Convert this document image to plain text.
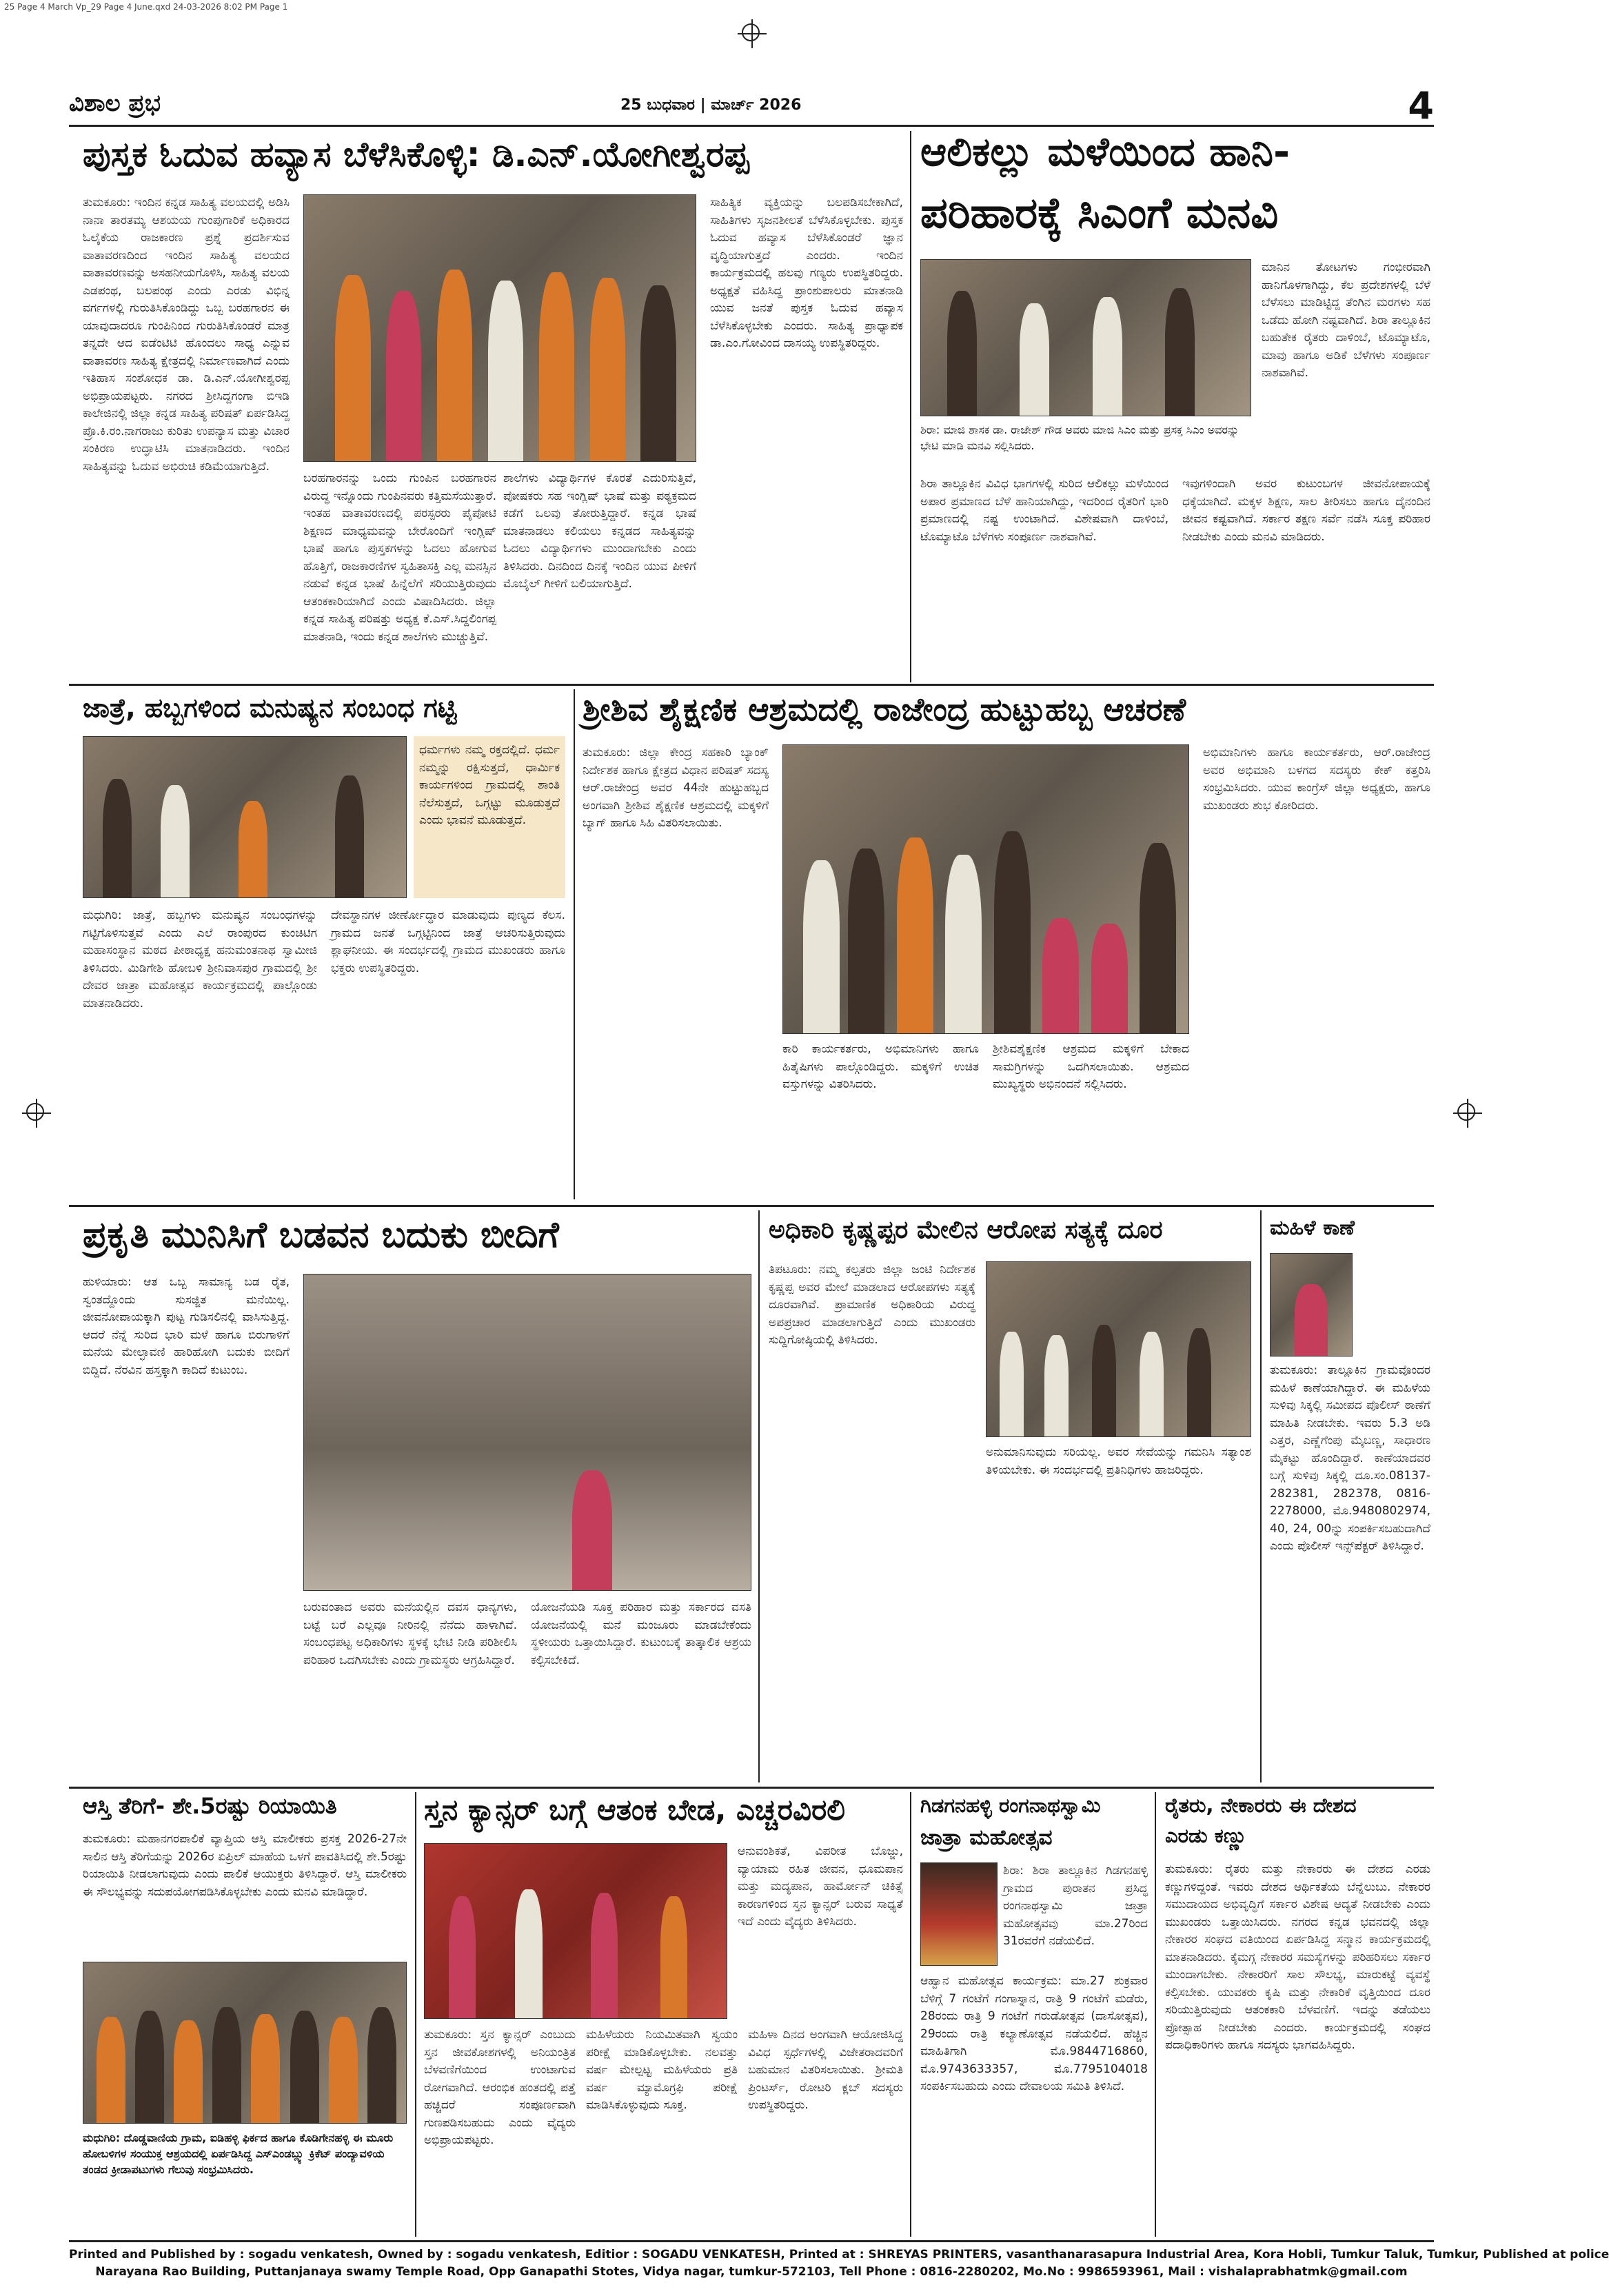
25 Page 4 March Vp_29 Page 4 June.qxd 24-03-2026 8:02 PM Page 1
ವಿಶಾಲ ಪ್ರಭ	25 ಬುಧವಾರ | ಮಾರ್ಚ್ 2026	4
ಪುಸ್ತಕ ಓದುವ ಹವ್ಯಾಸ ಬೆಳೆಸಿಕೊಳ್ಳಿ: ಡಿ.ಎನ್.ಯೋಗೀಶ್ವರಪ್ಪ
ತುಮಕೂರು: ಇಂದಿನ ಕನ್ನಡ ಸಾಹಿತ್ಯ ವಲಯದಲ್ಲಿ ಅಡಿಸಿ ನಾನಾ ತಾರತಮ್ಯ ಆಶಯಯ ಗುಂಪುಗಾರಿಕೆ ಅಧಿಕಾರದ ಓಲೈಕೆಯ ರಾಜಕಾರಣ ಪ್ರಶ್ನೆ ಪ್ರದರ್ಶಿಸುವ ವಾತಾವರಣದಿಂದ ಇಂದಿನ ಸಾಹಿತ್ಯ ವಲಯದ ವಾತಾವರಣವನ್ನು ಅಸಹನೀಯಗೊಳಿಸಿ, ಸಾಹಿತ್ಯ ವಲಯ ಎಡಪಂಥ, ಬಲಪಂಥ ಎಂದು ಎರಡು ವಿಭಿನ್ನ ವರ್ಗಗಳಲ್ಲಿ ಗುರುತಿಸಿಕೊಂಡಿದ್ದು ಒಬ್ಬ ಬರಹಗಾರನ ಈ ಯಾವುದಾದರೂ ಗುಂಪಿನಿಂದ ಗುರುತಿಸಿಕೊಂಡರೆ ಮಾತ್ರ ತನ್ನದೇ ಆದ ಐಡೆಂಟಿಟಿ ಹೊಂದಲು ಸಾಧ್ಯ ಎನ್ನುವ ವಾತಾವರಣ ಸಾಹಿತ್ಯ ಕ್ಷೇತ್ರದಲ್ಲಿ ನಿರ್ಮಾಣವಾಗಿದೆ ಎಂದು ಇತಿಹಾಸ ಸಂಶೋಧಕ ಡಾ. ಡಿ.ಎನ್.ಯೋಗೀಶ್ವರಪ್ಪ ಅಭಿಪ್ರಾಯಪಟ್ಟರು. ನಗರದ ಶ್ರೀಸಿದ್ದಗಂಗಾ ಬಿಇಡಿ ಕಾಲೇಜಿನಲ್ಲಿ ಜಿಲ್ಲಾ ಕನ್ನಡ ಸಾಹಿತ್ಯ ಪರಿಷತ್ ಏರ್ಪಡಿಸಿದ್ದ ಪ್ರೊ.ಕಿ.ರಂ.ನಾಗರಾಜು ಕುರಿತು ಉಪನ್ಯಾಸ ಮತ್ತು ವಿಚಾರ ಸಂಕಿರಣ ಉದ್ಘಾಟಿಸಿ ಮಾತನಾಡಿದರು. ಇಂದಿನ ಸಾಹಿತ್ಯವನ್ನು ಓದುವ ಅಭಿರುಚಿ ಕಡಿಮೆಯಾಗುತ್ತಿದೆ.
ಬರಹಗಾರನನ್ನು ಒಂದು ಗುಂಪಿನ ಬರಹಗಾರನ ವಿರುದ್ಧ ಇನ್ನೊಂದು ಗುಂಪಿನವರು ಕತ್ತಿಮಸೆಯುತ್ತಾರೆ. ಇಂತಹ ವಾತಾವರಣದಲ್ಲಿ ಪರಸ್ಪರರು ಪೈಪೋಟಿ ಶಿಕ್ಷಣದ ಮಾಧ್ಯಮವನ್ನು ಬೇರೊಂದಿಗೆ ಇಂಗ್ಲಿಷ್ ಭಾಷೆ ಹಾಗೂ ಪುಸ್ತಕಗಳನ್ನು ಓದಲು ಹೋಗುವ ಹೊತ್ತಿಗೆ, ರಾಜಕಾರಣಿಗಳ ಸ್ವಹಿತಾಸಕ್ತಿ ಎಲ್ಲ ಮನಸ್ಸಿನ ನಡುವೆ ಕನ್ನಡ ಭಾಷೆ ಹಿನ್ನೆಲೆಗೆ ಸರಿಯುತ್ತಿರುವುದು ಆತಂಕಕಾರಿಯಾಗಿದೆ ಎಂದು ವಿಷಾದಿಸಿದರು. ಜಿಲ್ಲಾ ಕನ್ನಡ ಸಾಹಿತ್ಯ ಪರಿಷತ್ತು ಅಧ್ಯಕ್ಷ ಕೆ.ಎಸ್.ಸಿದ್ದಲಿಂಗಪ್ಪ ಮಾತನಾಡಿ, ಇಂದು ಕನ್ನಡ ಶಾಲೆಗಳು ಮುಚ್ಚುತ್ತಿವೆ.
ಶಾಲೆಗಳು ವಿದ್ಯಾರ್ಥಿಗಳ ಕೊರತೆ ಎದುರಿಸುತ್ತಿವೆ, ಪೋಷಕರು ಸಹ ಇಂಗ್ಲಿಷ್ ಭಾಷೆ ಮತ್ತು ಪಠ್ಯಕ್ರಮದ ಕಡೆಗೆ ಒಲವು ತೋರುತ್ತಿದ್ದಾರೆ. ಕನ್ನಡ ಭಾಷೆ ಮಾತನಾಡಲು ಕಲಿಯಲು ಕನ್ನಡದ ಸಾಹಿತ್ಯವನ್ನು ಓದಲು ವಿದ್ಯಾರ್ಥಿಗಳು ಮುಂದಾಗಬೇಕು ಎಂದು ತಿಳಿಸಿದರು. ದಿನದಿಂದ ದಿನಕ್ಕೆ ಇಂದಿನ ಯುವ ಪೀಳಿಗೆ ಮೊಬೈಲ್ ಗೀಳಿಗೆ ಬಲಿಯಾಗುತ್ತಿದೆ.
ಸಾಹಿತ್ಯಿಕ ವ್ಯಕ್ತಿಯನ್ನು ಬಲಪಡಿಸಬೇಕಾಗಿದೆ, ಸಾಹಿತಿಗಳು ಸೃಜನಶೀಲತೆ ಬೆಳೆಸಿಕೊಳ್ಳಬೇಕು. ಪುಸ್ತಕ ಓದುವ ಹವ್ಯಾಸ ಬೆಳೆಸಿಕೊಂಡರೆ ಜ್ಞಾನ ವೃದ್ಧಿಯಾಗುತ್ತದೆ ಎಂದರು. ಇಂದಿನ ಕಾರ್ಯಕ್ರಮದಲ್ಲಿ ಹಲವು ಗಣ್ಯರು ಉಪಸ್ಥಿತರಿದ್ದರು. ಅಧ್ಯಕ್ಷತೆ ವಹಿಸಿದ್ದ ಪ್ರಾಂಶುಪಾಲರು ಮಾತನಾಡಿ ಯುವ ಜನತೆ ಪುಸ್ತಕ ಓದುವ ಹವ್ಯಾಸ ಬೆಳೆಸಿಕೊಳ್ಳಬೇಕು ಎಂದರು. ಸಾಹಿತ್ಯ ಪ್ರಾಧ್ಯಾಪಕ ಡಾ.ಎಂ.ಗೋವಿಂದ ದಾಸಯ್ಯ ಉಪಸ್ಥಿತರಿದ್ದರು.
ಆಲಿಕಲ್ಲು ಮಳೆಯಿಂದ ಹಾನಿ-
ಪರಿಹಾರಕ್ಕೆ ಸಿಎಂಗೆ ಮನವಿ
ಮಾನಿನ ತೋಟಗಳು ಗಂಭೀರವಾಗಿ ಹಾನಿಗೊಳಗಾಗಿದ್ದು, ಕೆಲ ಪ್ರದೇಶಗಳಲ್ಲಿ ಬೆಳೆ ಬೆಳೆಸಲು ಮಾಡಿಟ್ಟಿದ್ದ ತೆಂಗಿನ ಮರಗಳು ಸಹ ಒಡೆದು ಹೋಗಿ ನಷ್ಟವಾಗಿದೆ. ಶಿರಾ ತಾಲ್ಲೂಕಿನ ಬಹುತೇಕ ರೈತರು ದಾಳಿಂಬೆ, ಟೊಮ್ಯಾಟೊ, ಮಾವು ಹಾಗೂ ಅಡಿಕೆ ಬೆಳೆಗಳು ಸಂಪೂರ್ಣ ನಾಶವಾಗಿವೆ.
ಶಿರಾ: ಮಾಜಿ ಶಾಸಕ ಡಾ. ರಾಜೇಶ್ ಗೌಡ ಅವರು ಮಾಜಿ ಸಿಎಂ ಮತ್ತು ಪ್ರಸಕ್ತ ಸಿಎಂ ಅವರನ್ನು ಭೇಟಿ ಮಾಡಿ ಮನವಿ ಸಲ್ಲಿಸಿದರು.
ಶಿರಾ ತಾಲ್ಲೂಕಿನ ವಿವಿಧ ಭಾಗಗಳಲ್ಲಿ ಸುರಿದ ಆಲಿಕಲ್ಲು ಮಳೆಯಿಂದ ಅಪಾರ ಪ್ರಮಾಣದ ಬೆಳೆ ಹಾನಿಯಾಗಿದ್ದು, ಇದರಿಂದ ರೈತರಿಗೆ ಭಾರಿ ಪ್ರಮಾಣದಲ್ಲಿ ನಷ್ಟ ಉಂಟಾಗಿದೆ. ವಿಶೇಷವಾಗಿ ದಾಳಿಂಬೆ, ಟೊಮ್ಯಾಟೊ ಬೆಳೆಗಳು ಸಂಪೂರ್ಣ ನಾಶವಾಗಿವೆ.
ಇವುಗಳಿಂದಾಗಿ ಅವರ ಕುಟುಂಬಗಳ ಜೀವನೋಪಾಯಕ್ಕೆ ಧಕ್ಕೆಯಾಗಿದೆ. ಮಕ್ಕಳ ಶಿಕ್ಷಣ, ಸಾಲ ತೀರಿಸಲು ಹಾಗೂ ದೈನಂದಿನ ಜೀವನ ಕಷ್ಟವಾಗಿದೆ. ಸರ್ಕಾರ ತಕ್ಷಣ ಸರ್ವೆ ನಡೆಸಿ ಸೂಕ್ತ ಪರಿಹಾರ ನೀಡಬೇಕು ಎಂದು ಮನವಿ ಮಾಡಿದರು.
ಜಾತ್ರೆ, ಹಬ್ಬಗಳಿಂದ ಮನುಷ್ಯನ ಸಂಬಂಧ ಗಟ್ಟಿ
ಧರ್ಮಗಳು ನಮ್ಮ ರಕ್ತದಲ್ಲಿದೆ. ಧರ್ಮ ನಮ್ಮನ್ನು ರಕ್ಷಿಸುತ್ತದೆ, ಧಾರ್ಮಿಕ ಕಾರ್ಯಗಳಿಂದ ಗ್ರಾಮದಲ್ಲಿ ಶಾಂತಿ ನೆಲೆಸುತ್ತದೆ, ಒಗ್ಗಟ್ಟು ಮೂಡುತ್ತದೆ ಎಂದು ಭಾವನೆ ಮೂಡುತ್ತದೆ.
ಮಧುಗಿರಿ: ಜಾತ್ರೆ, ಹಬ್ಬಗಳು ಮನುಷ್ಯನ ಸಂಬಂಧಗಳನ್ನು ಗಟ್ಟಿಗೊಳಿಸುತ್ತವೆ ಎಂದು ಎಲೆ ರಾಂಪುರದ ಕುಂಚಿಟಿಗ ಮಹಾಸಂಸ್ಥಾನ ಮಠದ ಪೀಠಾಧ್ಯಕ್ಷ ಹನುಮಂತನಾಥ ಸ್ವಾಮೀಜಿ ತಿಳಿಸಿದರು. ಮಿಡಿಗೇಶಿ ಹೋಬಳಿ ಶ್ರೀನಿವಾಸಪುರ ಗ್ರಾಮದಲ್ಲಿ ಶ್ರೀ ದೇವರ ಜಾತ್ರಾ ಮಹೋತ್ಸವ ಕಾರ್ಯಕ್ರಮದಲ್ಲಿ ಪಾಲ್ಗೊಂಡು ಮಾತನಾಡಿದರು.
ದೇವಸ್ಥಾನಗಳ ಜೀರ್ಣೋದ್ಧಾರ ಮಾಡುವುದು ಪುಣ್ಯದ ಕೆಲಸ. ಗ್ರಾಮದ ಜನತೆ ಒಗ್ಗಟ್ಟಿನಿಂದ ಜಾತ್ರೆ ಆಚರಿಸುತ್ತಿರುವುದು ಶ್ಲಾಘನೀಯ. ಈ ಸಂದರ್ಭದಲ್ಲಿ ಗ್ರಾಮದ ಮುಖಂಡರು ಹಾಗೂ ಭಕ್ತರು ಉಪಸ್ಥಿತರಿದ್ದರು.
ಶ್ರೀಶಿವ ಶೈಕ್ಷಣಿಕ ಆಶ್ರಮದಲ್ಲಿ ರಾಜೇಂದ್ರ ಹುಟ್ಟುಹಬ್ಬ ಆಚರಣೆ
ತುಮಕೂರು: ಜಿಲ್ಲಾ ಕೇಂದ್ರ ಸಹಕಾರಿ ಬ್ಯಾಂಕ್ ನಿರ್ದೇಶಕ ಹಾಗೂ ಕ್ಷೇತ್ರದ ವಿಧಾನ ಪರಿಷತ್ ಸದಸ್ಯ ಆರ್.ರಾಜೇಂದ್ರ ಅವರ 44ನೇ ಹುಟ್ಟುಹಬ್ಬದ ಅಂಗವಾಗಿ ಶ್ರೀಶಿವ ಶೈಕ್ಷಣಿಕ ಆಶ್ರಮದಲ್ಲಿ ಮಕ್ಕಳಿಗೆ ಬ್ಯಾಗ್ ಹಾಗೂ ಸಿಹಿ ವಿತರಿಸಲಾಯಿತು.
ಕಾರಿ ಕಾರ್ಯಕರ್ತರು, ಅಭಿಮಾನಿಗಳು ಹಾಗೂ ಹಿತೈಷಿಗಳು ಪಾಲ್ಗೊಂಡಿದ್ದರು. ಮಕ್ಕಳಿಗೆ ಉಚಿತ ವಸ್ತುಗಳನ್ನು ವಿತರಿಸಿದರು.
ಶ್ರೀಶಿವಶೈಕ್ಷಣಿಕ ಆಶ್ರಮದ ಮಕ್ಕಳಿಗೆ ಬೇಕಾದ ಸಾಮಗ್ರಿಗಳನ್ನು ಒದಗಿಸಲಾಯಿತು. ಆಶ್ರಮದ ಮುಖ್ಯಸ್ಥರು ಅಭಿನಂದನೆ ಸಲ್ಲಿಸಿದರು.
ಅಭಿಮಾನಿಗಳು ಹಾಗೂ ಕಾರ್ಯಕರ್ತರು, ಆರ್.ರಾಜೇಂದ್ರ ಅವರ ಅಭಿಮಾನಿ ಬಳಗದ ಸದಸ್ಯರು ಕೇಕ್ ಕತ್ತರಿಸಿ ಸಂಭ್ರಮಿಸಿದರು. ಯುವ ಕಾಂಗ್ರೆಸ್ ಜಿಲ್ಲಾ ಅಧ್ಯಕ್ಷರು, ಹಾಗೂ ಮುಖಂಡರು ಶುಭ ಕೋರಿದರು.
ಪ್ರಕೃತಿ ಮುನಿಸಿಗೆ ಬಡವನ ಬದುಕು ಬೀದಿಗೆ
ಹುಳಿಯಾರು: ಆತ ಒಬ್ಬ ಸಾಮಾನ್ಯ ಬಡ ರೈತ, ಸ್ವಂತದ್ದೊಂದು ಸುಸಜ್ಜಿತ ಮನೆಯಿಲ್ಲ. ಜೀವನೋಪಾಯಕ್ಕಾಗಿ ಪುಟ್ಟ ಗುಡಿಸಲಿನಲ್ಲಿ ವಾಸಿಸುತ್ತಿದ್ದ. ಆದರೆ ನೆನ್ನೆ ಸುರಿದ ಭಾರಿ ಮಳೆ ಹಾಗೂ ಬಿರುಗಾಳಿಗೆ ಮನೆಯ ಮೇಲ್ಛಾವಣಿ ಹಾರಿಹೋಗಿ ಬದುಕು ಬೀದಿಗೆ ಬಿದ್ದಿದೆ. ನೆರವಿನ ಹಸ್ತಕ್ಕಾಗಿ ಕಾದಿದೆ ಕುಟುಂಬ.
ಬರುವಂತಾದ ಅವರು ಮನೆಯಲ್ಲಿನ ದವಸ ಧಾನ್ಯಗಳು, ಬಟ್ಟೆ ಬರೆ ಎಲ್ಲವೂ ನೀರಿನಲ್ಲಿ ನೆನೆದು ಹಾಳಾಗಿವೆ. ಸಂಬಂಧಪಟ್ಟ ಅಧಿಕಾರಿಗಳು ಸ್ಥಳಕ್ಕೆ ಭೇಟಿ ನೀಡಿ ಪರಿಶೀಲಿಸಿ ಪರಿಹಾರ ಒದಗಿಸಬೇಕು ಎಂದು ಗ್ರಾಮಸ್ಥರು ಆಗ್ರಹಿಸಿದ್ದಾರೆ.
ಯೋಜನೆಯಡಿ ಸೂಕ್ತ ಪರಿಹಾರ ಮತ್ತು ಸರ್ಕಾರದ ವಸತಿ ಯೋಜನೆಯಲ್ಲಿ ಮನೆ ಮಂಜೂರು ಮಾಡಬೇಕೆಂದು ಸ್ಥಳೀಯರು ಒತ್ತಾಯಿಸಿದ್ದಾರೆ. ಕುಟುಂಬಕ್ಕೆ ತಾತ್ಕಾಲಿಕ ಆಶ್ರಯ ಕಲ್ಪಿಸಬೇಕಿದೆ.
ಅಧಿಕಾರಿ ಕೃಷ್ಣಪ್ಪರ ಮೇಲಿನ ಆರೋಪ ಸತ್ಯಕ್ಕೆ ದೂರ
ತಿಪಟೂರು: ನಮ್ಮ ಕಲ್ಪತರು ಜಿಲ್ಲಾ ಜಂಟಿ ನಿರ್ದೇಶಕ ಕೃಷ್ಣಪ್ಪ ಅವರ ಮೇಲೆ ಮಾಡಲಾದ ಆರೋಪಗಳು ಸತ್ಯಕ್ಕೆ ದೂರವಾಗಿವೆ. ಪ್ರಾಮಾಣಿಕ ಅಧಿಕಾರಿಯ ವಿರುದ್ಧ ಅಪಪ್ರಚಾರ ಮಾಡಲಾಗುತ್ತಿದೆ ಎಂದು ಮುಖಂಡರು ಸುದ್ದಿಗೋಷ್ಠಿಯಲ್ಲಿ ತಿಳಿಸಿದರು.
ಅನುಮಾನಿಸುವುದು ಸರಿಯಲ್ಲ. ಅವರ ಸೇವೆಯನ್ನು ಗಮನಿಸಿ ಸತ್ಯಾಂಶ ತಿಳಿಯಬೇಕು. ಈ ಸಂದರ್ಭದಲ್ಲಿ ಪ್ರತಿನಿಧಿಗಳು ಹಾಜರಿದ್ದರು.
ಮಹಿಳೆ ಕಾಣೆ
ತುಮಕೂರು: ತಾಲ್ಲೂಕಿನ ಗ್ರಾಮವೊಂದರ ಮಹಿಳೆ ಕಾಣೆಯಾಗಿದ್ದಾರೆ. ಈ ಮಹಿಳೆಯ ಸುಳಿವು ಸಿಕ್ಕಲ್ಲಿ ಸಮೀಪದ ಪೊಲೀಸ್ ಠಾಣೆಗೆ ಮಾಹಿತಿ ನೀಡಬೇಕು. ಇವರು 5.3 ಅಡಿ ಎತ್ತರ, ಎಣ್ಣೆಗೆಂಪು ಮೈಬಣ್ಣ, ಸಾಧಾರಣ ಮೈಕಟ್ಟು ಹೊಂದಿದ್ದಾರೆ. ಕಾಣೆಯಾದವರ ಬಗ್ಗೆ ಸುಳಿವು ಸಿಕ್ಕಲ್ಲಿ ದೂ.ಸಂ.08137-282381, 282378, 0816-2278000, ಮೊ.9480802974, 40, 24, 00ನ್ನು ಸಂಪರ್ಕಿಸಬಹುದಾಗಿದೆ ಎಂದು ಪೊಲೀಸ್ ಇನ್ಸ್‌ಪೆಕ್ಟರ್ ತಿಳಿಸಿದ್ದಾರೆ.
ಆಸ್ತಿ ತೆರಿಗೆ- ಶೇ.5ರಷ್ಟು ರಿಯಾಯಿತಿ
ತುಮಕೂರು: ಮಹಾನಗರಪಾಲಿಕೆ ವ್ಯಾಪ್ತಿಯ ಆಸ್ತಿ ಮಾಲೀಕರು ಪ್ರಸಕ್ತ 2026-27ನೇ ಸಾಲಿನ ಆಸ್ತಿ ತೆರಿಗೆಯನ್ನು 2026ರ ಏಪ್ರಿಲ್ ಮಾಹೆಯ ಒಳಗೆ ಪಾವತಿಸಿದಲ್ಲಿ ಶೇ.5ರಷ್ಟು ರಿಯಾಯಿತಿ ನೀಡಲಾಗುವುದು ಎಂದು ಪಾಲಿಕೆ ಆಯುಕ್ತರು ತಿಳಿಸಿದ್ದಾರೆ. ಆಸ್ತಿ ಮಾಲೀಕರು ಈ ಸೌಲಭ್ಯವನ್ನು ಸದುಪಯೋಗಪಡಿಸಿಕೊಳ್ಳಬೇಕು ಎಂದು ಮನವಿ ಮಾಡಿದ್ದಾರೆ.
ಮಧುಗಿರಿ: ದೊಡ್ಡವಾಣಿಯ ಗ್ರಾಮ, ಐಡಿಹಳ್ಳಿ ಫಿರ್ಕದ ಹಾಗೂ ಕೊಡಿಗೇನಹಳ್ಳಿ ಈ ಮೂರು ಹೋಬಳಿಗಳ ಸಂಯುಕ್ತ ಆಶ್ರಯದಲ್ಲಿ ಏರ್ಪಡಿಸಿದ್ದ ಎಸ್ಎಂಡಬ್ಲ್ಯು ಕ್ರಿಕೆಟ್ ಪಂದ್ಯಾವಳಿಯ ತಂಡದ ಕ್ರೀಡಾಪಟುಗಳು ಗೆಲುವು ಸಂಭ್ರಮಿಸಿದರು.
ಸ್ತನ ಕ್ಯಾನ್ಸರ್ ಬಗ್ಗೆ ಆತಂಕ ಬೇಡ, ಎಚ್ಚರವಿರಲಿ
ಆನುವಂಶಿಕತೆ, ವಿಪರೀತ ಬೊಜ್ಜು, ವ್ಯಾಯಾಮ ರಹಿತ ಜೀವನ, ಧೂಮಪಾನ ಮತ್ತು ಮದ್ಯಪಾನ, ಹಾರ್ಮೋನ್ ಚಿಕಿತ್ಸೆ ಕಾರಣಗಳಿಂದ ಸ್ತನ ಕ್ಯಾನ್ಸರ್ ಬರುವ ಸಾಧ್ಯತೆ ಇದೆ ಎಂದು ವೈದ್ಯರು ತಿಳಿಸಿದರು.
ತುಮಕೂರು: ಸ್ತನ ಕ್ಯಾನ್ಸರ್ ಎಂಬುದು ಸ್ತನ ಜೀವಕೋಶಗಳಲ್ಲಿ ಅನಿಯಂತ್ರಿತ ಬೆಳವಣಿಗೆಯಿಂದ ಉಂಟಾಗುವ ರೋಗವಾಗಿದೆ. ಆರಂಭಿಕ ಹಂತದಲ್ಲಿ ಪತ್ತೆ ಹಚ್ಚಿದರೆ ಸಂಪೂರ್ಣವಾಗಿ ಗುಣಪಡಿಸಬಹುದು ಎಂದು ವೈದ್ಯರು ಅಭಿಪ್ರಾಯಪಟ್ಟರು.
ಮಹಿಳೆಯರು ನಿಯಮಿತವಾಗಿ ಸ್ವಯಂ ಪರೀಕ್ಷೆ ಮಾಡಿಕೊಳ್ಳಬೇಕು. ನಲವತ್ತು ವರ್ಷ ಮೇಲ್ಪಟ್ಟ ಮಹಿಳೆಯರು ಪ್ರತಿ ವರ್ಷ ಮ್ಯಾಮೊಗ್ರಫಿ ಪರೀಕ್ಷೆ ಮಾಡಿಸಿಕೊಳ್ಳುವುದು ಸೂಕ್ತ.
ಮಹಿಳಾ ದಿನದ ಅಂಗವಾಗಿ ಆಯೋಜಿಸಿದ್ದ ವಿವಿಧ ಸ್ಪರ್ಧೆಗಳಲ್ಲಿ ವಿಜೇತರಾದವರಿಗೆ ಬಹುಮಾನ ವಿತರಿಸಲಾಯಿತು. ಶ್ರೀಮತಿ ಪ್ರಿಂಟರ್ಸ್, ರೋಟರಿ ಕ್ಲಬ್ ಸದಸ್ಯರು ಉಪಸ್ಥಿತರಿದ್ದರು.
ಗಿಡಗನಹಳ್ಳಿ ರಂಗನಾಥಸ್ವಾಮಿ
ಜಾತ್ರಾ ಮಹೋತ್ಸವ
ಶಿರಾ: ಶಿರಾ ತಾಲ್ಲೂಕಿನ ಗಿಡಗನಹಳ್ಳಿ ಗ್ರಾಮದ ಪುರಾತನ ಪ್ರಸಿದ್ಧ ರಂಗನಾಥಸ್ವಾಮಿ ಜಾತ್ರಾ ಮಹೋತ್ಸವವು ಮಾ.27ರಿಂದ 31ರವರೆಗೆ ನಡೆಯಲಿದೆ.
ಆಹ್ವಾನ ಮಹೋತ್ಸವ ಕಾರ್ಯಕ್ರಮ: ಮಾ.27 ಶುಕ್ರವಾರ ಬೆಳಿಗ್ಗೆ 7 ಗಂಟೆಗೆ ಗಂಗಾಸ್ನಾನ, ರಾತ್ರಿ 9 ಗಂಟೆಗೆ ಮಡೆರು, 28ರಂದು ರಾತ್ರಿ 9 ಗಂಟೆಗೆ ಗರುಡೋತ್ಸವ (ದಾಸೋತ್ಸವ), 29ರಂದು ರಾತ್ರಿ ಕಲ್ಯಾಣೋತ್ಸವ ನಡೆಯಲಿದೆ. ಹೆಚ್ಚಿನ ಮಾಹಿತಿಗಾಗಿ ಮೊ.9844716860, ಮೊ.9743633357, ಮೊ.7795104018 ಸಂಪರ್ಕಿಸಬಹುದು ಎಂದು ದೇವಾಲಯ ಸಮಿತಿ ತಿಳಿಸಿದೆ.
ರೈತರು, ನೇಕಾರರು ಈ ದೇಶದ
ಎರಡು ಕಣ್ಣು
ತುಮಕೂರು: ರೈತರು ಮತ್ತು ನೇಕಾರರು ಈ ದೇಶದ ಎರಡು ಕಣ್ಣುಗಳಿದ್ದಂತೆ. ಇವರು ದೇಶದ ಆರ್ಥಿಕತೆಯ ಬೆನ್ನೆಲುಬು. ನೇಕಾರರ ಸಮುದಾಯದ ಅಭಿವೃದ್ಧಿಗೆ ಸರ್ಕಾರ ವಿಶೇಷ ಆದ್ಯತೆ ನೀಡಬೇಕು ಎಂದು ಮುಖಂಡರು ಒತ್ತಾಯಿಸಿದರು. ನಗರದ ಕನ್ನಡ ಭವನದಲ್ಲಿ ಜಿಲ್ಲಾ ನೇಕಾರರ ಸಂಘದ ವತಿಯಿಂದ ಏರ್ಪಡಿಸಿದ್ದ ಸನ್ಮಾನ ಕಾರ್ಯಕ್ರಮದಲ್ಲಿ ಮಾತನಾಡಿದರು. ಕೈಮಗ್ಗ ನೇಕಾರರ ಸಮಸ್ಯೆಗಳನ್ನು ಪರಿಹರಿಸಲು ಸರ್ಕಾರ ಮುಂದಾಗಬೇಕು. ನೇಕಾರರಿಗೆ ಸಾಲ ಸೌಲಭ್ಯ, ಮಾರುಕಟ್ಟೆ ವ್ಯವಸ್ಥೆ ಕಲ್ಪಿಸಬೇಕು. ಯುವಕರು ಕೃಷಿ ಮತ್ತು ನೇಕಾರಿಕೆ ವೃತ್ತಿಯಿಂದ ದೂರ ಸರಿಯುತ್ತಿರುವುದು ಆತಂಕಕಾರಿ ಬೆಳವಣಿಗೆ. ಇದನ್ನು ತಡೆಯಲು ಪ್ರೋತ್ಸಾಹ ನೀಡಬೇಕು ಎಂದರು. ಕಾರ್ಯಕ್ರಮದಲ್ಲಿ ಸಂಘದ ಪದಾಧಿಕಾರಿಗಳು ಹಾಗೂ ಸದಸ್ಯರು ಭಾಗವಹಿಸಿದ್ದರು.
Printed and Published by : sogadu venkatesh, Owned by : sogadu venkatesh, Editior : SOGADU VENKATESH, Printed at : SHREYAS PRINTERS, vasanthanarasapura Industrial Area, Kora Hobli, Tumkur Taluk, Tumkur, Published at police
Narayana Rao Building, Puttanjanaya swamy Temple Road, Opp Ganapathi Stotes, Vidya nagar, tumkur-572103, Tell Phone : 0816-2280202, Mo.No : 9986593961, Mail : vishalaprabhatmk@gmail.com
